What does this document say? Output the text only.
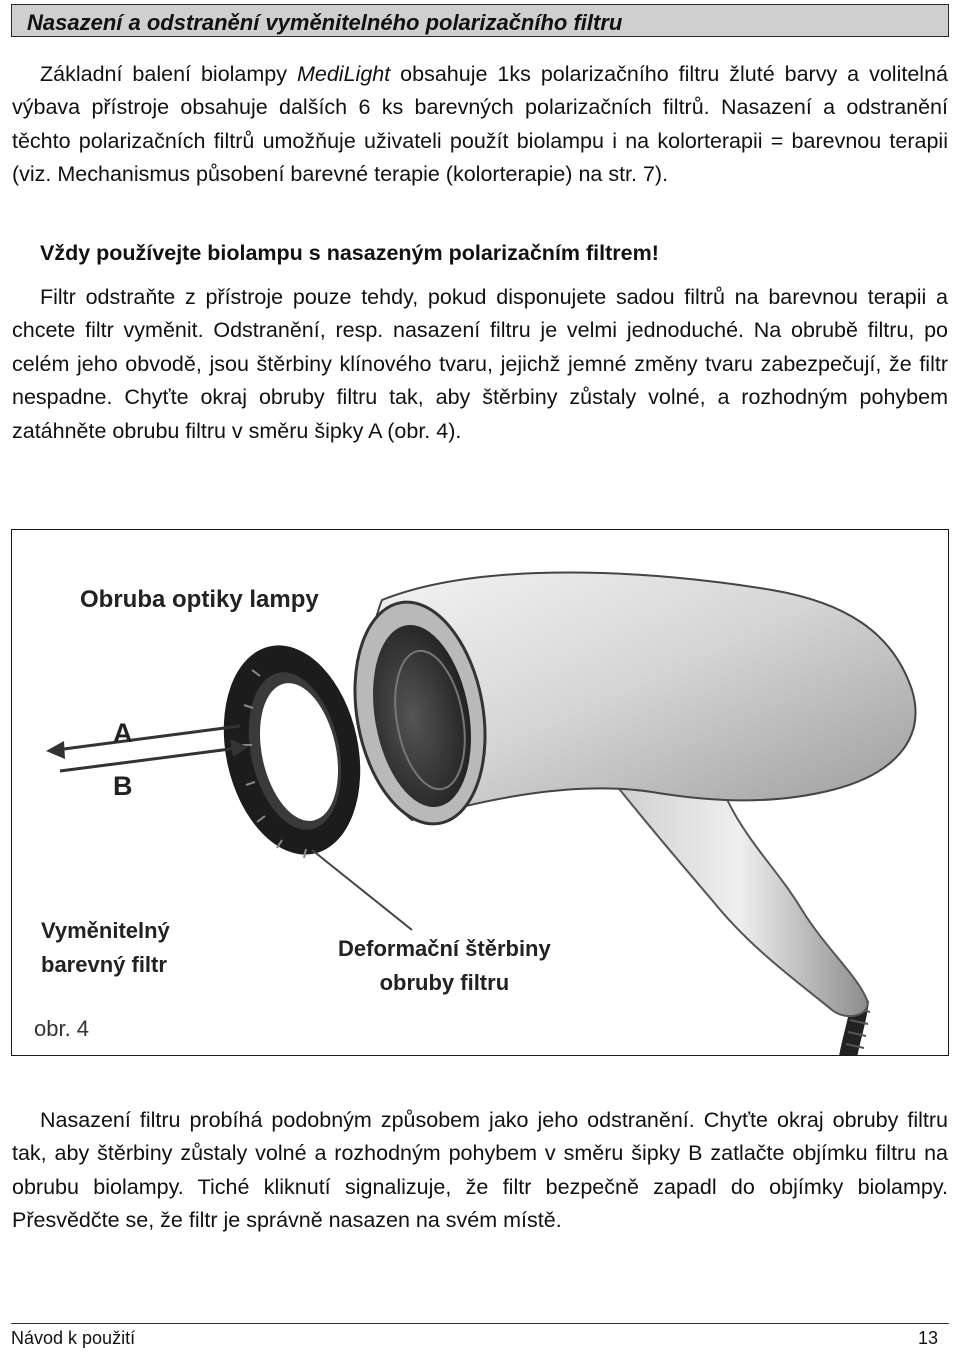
Nasazení a odstranění vyměnitelného polarizačního filtru
Základní balení biolampy MediLight obsahuje 1ks polarizačního filtru žluté barvy a volitelná výbava přístroje obsahuje dalších 6 ks barevných polarizačních filtrů. Nasazení a odstranění těchto polarizačních filtrů umožňuje uživateli použít biolampu i na kolorterapii = barevnou terapii (viz. Mechanismus působení barevné terapie (kolorterapie) na str. 7).
Vždy používejte biolampu s nasazeným polarizačním filtrem!
Filtr odstraňte z přístroje pouze tehdy, pokud disponujete sadou filtrů na barevnou terapii a chcete filtr vyměnit. Odstranění, resp. nasazení filtru je velmi jednoduché. Na obrubě filtru, po celém jeho obvodě, jsou štěrbiny klínového tvaru, jejichž jemné změny tvaru zabezpečují, že filtr nespadne. Chyťte okraj obruby filtru tak, aby štěrbiny zůstaly volné, a rozhodným pohybem zatáhněte obrubu filtru v směru šipky A (obr. 4).
Obruba optiky lampy
A
B
Vyměnitelný
barevný filtr
Deformační štěrbiny
obruby filtru
obr. 4
Nasazení filtru probíhá podobným způsobem jako jeho odstranění. Chyťte okraj obruby filtru tak, aby štěrbiny zůstaly volné a rozhodným pohybem v směru šipky B zatlačte objímku filtru na obrubu biolampy. Tiché kliknutí signalizuje, že filtr bezpečně zapadl do objímky biolampy. Přesvědčte se, že filtr je správně nasazen na svém místě.
Návod k použití	13
